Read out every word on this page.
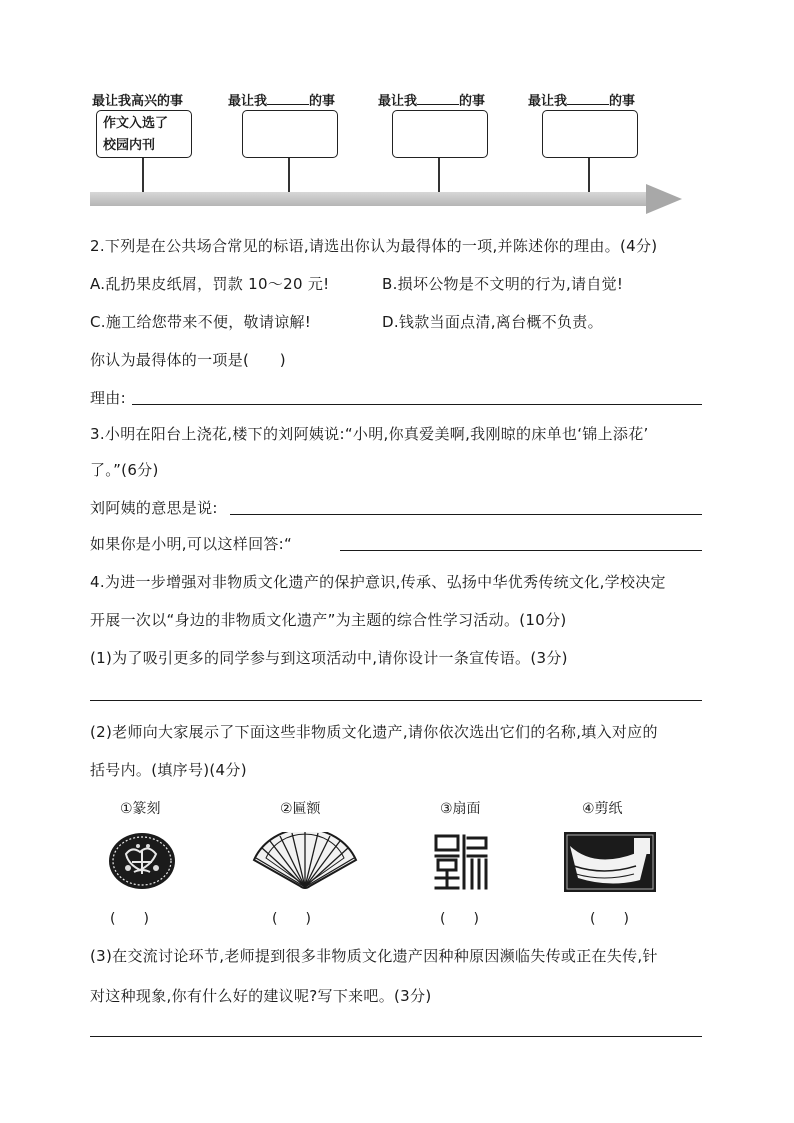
最让我高兴的事	最让我	的事	最让我	的事	最让我	的事
作文入选了
校园内刊
2.下列是在公共场合常见的标语,请选出你认为最得体的一项,并陈述你的理由。(4分)
A.乱扔果皮纸屑，罚款 10～20 元!	B.损坏公物是不文明的行为,请自觉!
C.施工给您带来不便，敬请谅解!	D.钱款当面点清,离台概不负责。
你认为最得体的一项是(　　)
理由:
3.小明在阳台上浇花,楼下的刘阿姨说:“小明,你真爱美啊,我刚晾的床单也‘锦上添花’
了。”(6分)
刘阿姨的意思是说:
如果你是小明,可以这样回答:“
4.为进一步增强对非物质文化遗产的保护意识,传承、弘扬中华优秀传统文化,学校决定
开展一次以“身边的非物质文化遗产”为主题的综合性学习活动。(10分)
(1)为了吸引更多的同学参与到这项活动中,请你设计一条宣传语。(3分)
(2)老师向大家展示了下面这些非物质文化遗产,请你依次选出它们的名称,填入对应的
括号内。(填序号)(4分)
①篆刻	②匾额	③扇面	④剪纸
(　　)	(　　)	(　　)	(　　)
(3)在交流讨论环节,老师提到很多非物质文化遗产因种种原因濒临失传或正在失传,针
对这种现象,你有什么好的建议呢?写下来吧。(3分)
